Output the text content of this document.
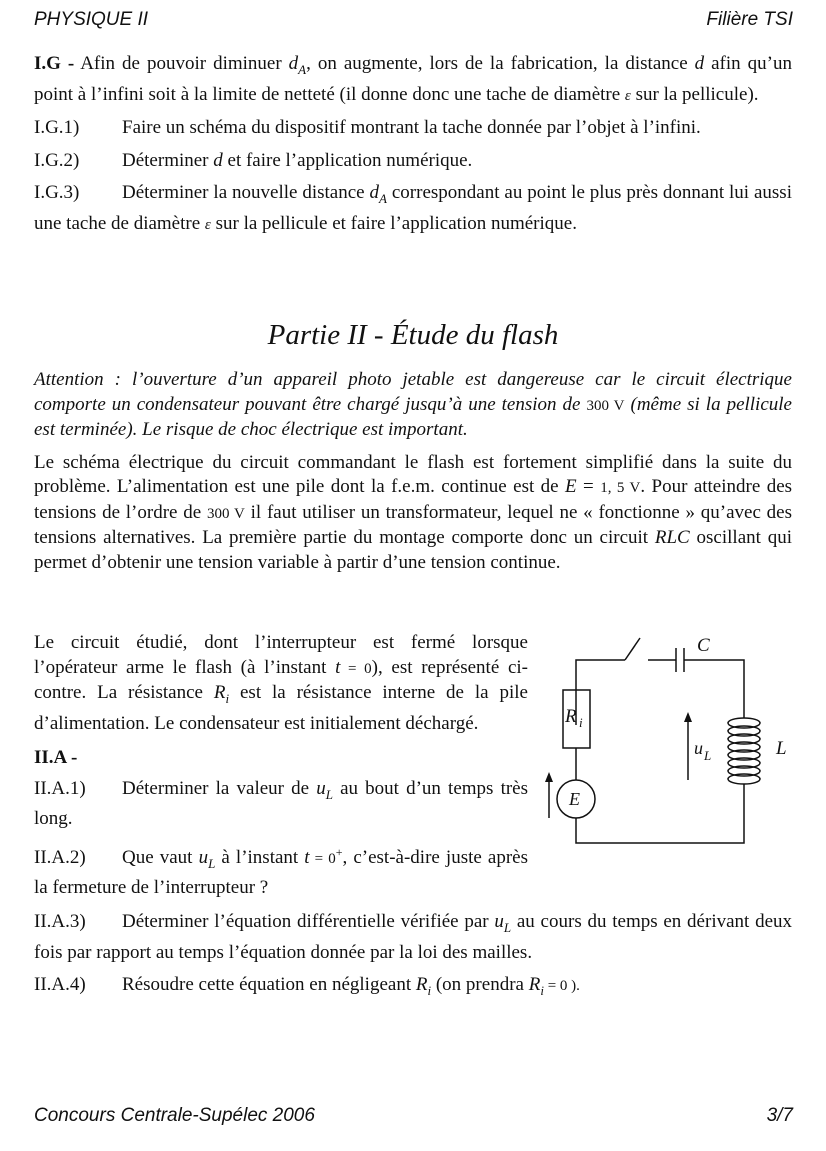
PHYSIQUE II	Filière TSI

I.G - Afin de pouvoir diminuer $d_A$, on augmente, lors de la fabrication, la distance d afin qu’un point à l’infini soit à la limite de netteté (il donne donc une tache de diamètre ε sur la pellicule).

I.G.1) Faire un schéma du dispositif montrant la tache donnée par l’objet à l’infini.

I.G.2) Déterminer d et faire l’application numérique.

I.G.3) Déterminer la nouvelle distance $d_A$ correspondant au point le plus près donnant lui aussi une tache de diamètre ε sur la pellicule et faire l’application numérique.

Partie II - Étude du flash

Attention : l’ouverture d’un appareil photo jetable est dangereuse car le circuit électrique comporte un condensateur pouvant être chargé jusqu’à une tension de 300 V (même si la pellicule est terminée). Le risque de choc électrique est important.

Le schéma électrique du circuit commandant le flash est fortement simplifié dans la suite du problème. L’alimentation est une pile dont la f.e.m. continue est de E = 1, 5 V. Pour atteindre des tensions de l’ordre de 300 V il faut utiliser un transformateur, lequel ne « fonctionne » qu’avec des tensions alternatives. La première partie du montage comporte donc un circuit RLC oscillant qui permet d’obtenir une tension variable à partir d’une tension continue.

Le circuit étudié, dont l’interrupteur est fermé lorsque l’opérateur arme le flash (à l’instant t = 0), est représenté ci-contre. La résistance $R_i$ est la résistance interne de la pile d’alimentation. Le condensateur est initialement déchargé.

II.A -

II.A.1) Déterminer la valeur de $u_L$ au bout d’un temps très long.

II.A.2) Que vaut $u_L$ à l’instant t = 0+, c’est-à-dire juste après la fermeture de l’interrupteur ?

II.A.3) Déterminer l’équation différentielle vérifiée par $u_L$ au cours du temps en dérivant deux fois par rapport au temps l’équation donnée par la loi des mailles.

II.A.4) Résoudre cette équation en négligeant $R_i$ (on prendra $R_i = 0$ ).

C
R i
u L	L
E
Concours Centrale-Supélec 2006	3/7
